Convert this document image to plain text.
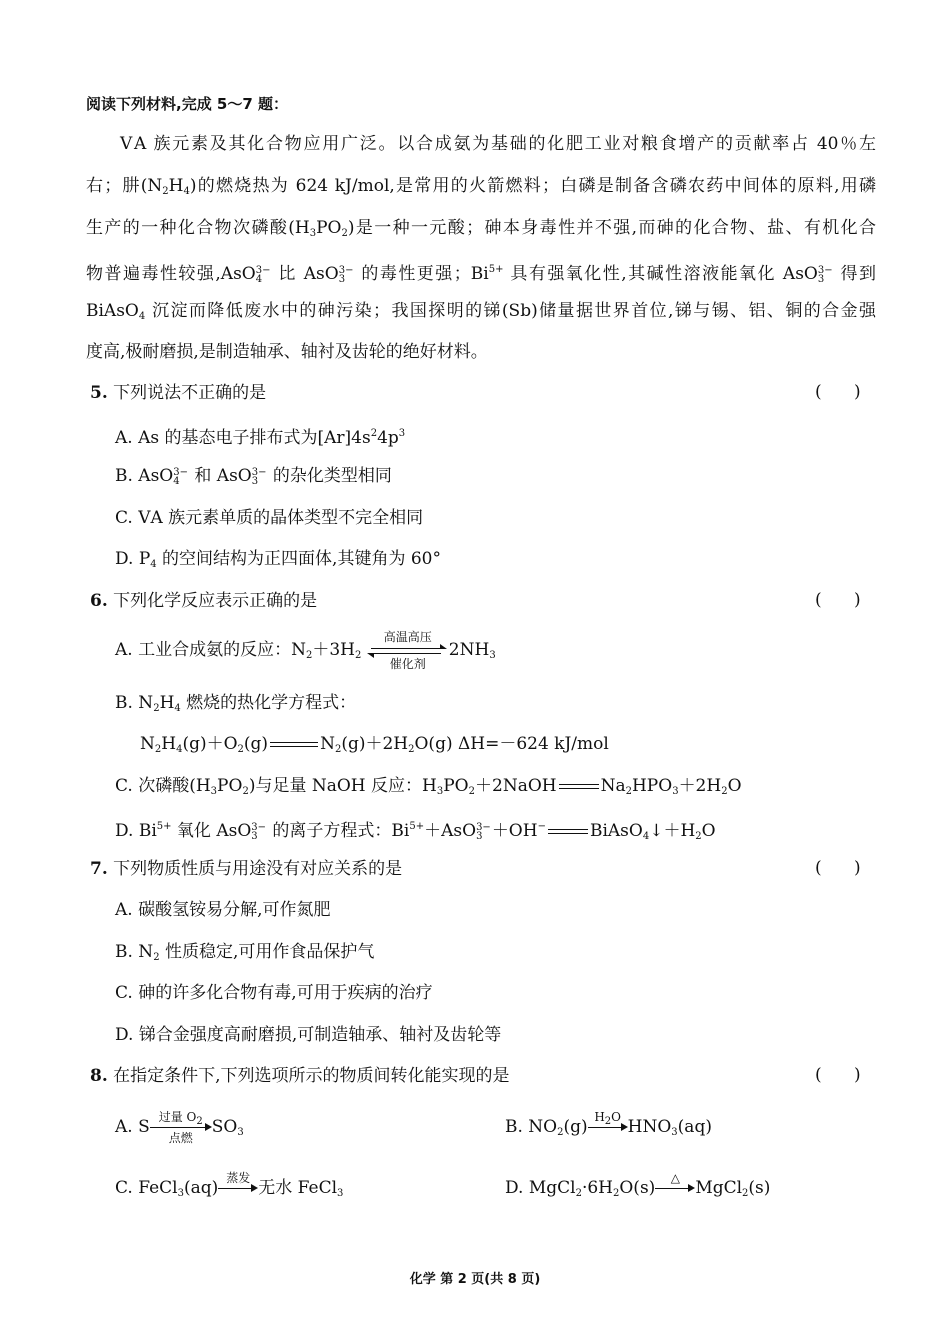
阅读下列材料,完成 5～7 题：
ⅤA 族元素及其化合物应用广泛。以合成氨为基础的化肥工业对粮食增产的贡献率占 40％左
右；肼$(N_2H_4)$的燃烧热为 624 kJ/mol,是常用的火箭燃料；白磷是制备含磷农药中间体的原料,用磷
生产的一种化合物次磷酸$(H_3PO_2)$是一种一元酸；砷本身毒性并不强,而砷的化合物、盐、有机化合
物普遍毒性较强,AsO 3−
4 比 AsO 3−
3 的毒性更强；$Bi^{5+}$ 具有强氧化性,其碱性溶液能氧化 AsO 3−
3 得到
BiAsO$_4$ 沉淀而降低废水中的砷污染；我国探明的锑(Sb)储量据世界首位,锑与锡、铝、铜的合金强
度高,极耐磨损,是制造轴承、轴衬及齿轮的绝好材料。
5. 下列说法不正确的是	(      )
A. As 的基态电子排布式为$[Ar]4s^24p^3$
B. AsO 3−
4 和 AsO 3−
3 的杂化类型相同
C. ⅤA 族元素单质的晶体类型不完全相同
D. $P_4$ 的空间结构为正四面体,其键角为 60°
6. 下列化学反应表示正确的是	(      )
A. 工业合成氨的反应：$N_2+3H_2$
高温高压
催化剂
$2NH_3$
B. $N_2H_4$ 燃烧的热化学方程式：
$N_2H_4(g)+O_2(g)$	$N_2(g)+2H_2O(g)$ ΔH=－624 kJ/mol
C. 次磷酸$(H_3PO_2)$与足量 NaOH 反应：$H_3PO_2+2NaOH$	$Na_2HPO_3+2H_2O$
D. $Bi^{5+}$ 氧化 AsO 3−
3 的离子方程式：$Bi^{5+}+AsO$ 3−
3 ＋OH−	$BiAsO_4↓+H_2O$
7. 下列物质性质与用途没有对应关系的是	(      )
A. 碳酸氢铵易分解,可作氮肥
B. $N_2$ 性质稳定,可用作食品保护气
C. 砷的许多化合物有毒,可用于疾病的治疗
D. 锑合金强度高耐磨损,可制造轴承、轴衬及齿轮等
8. 在指定条件下,下列选项所示的物质间转化能实现的是	(      )
A. S
过量 $O_2$
点燃
$SO_3$	B. $NO_2(g)$
$H_2O$
$HNO_3(aq)$
C. FeCl$_3$(aq)
蒸发
无水 FeCl$_3$	D. $MgCl_2\cdot 6H_2O(s)$
△
MgCl$_2$(s)
化学 第 2 页(共 8 页)
